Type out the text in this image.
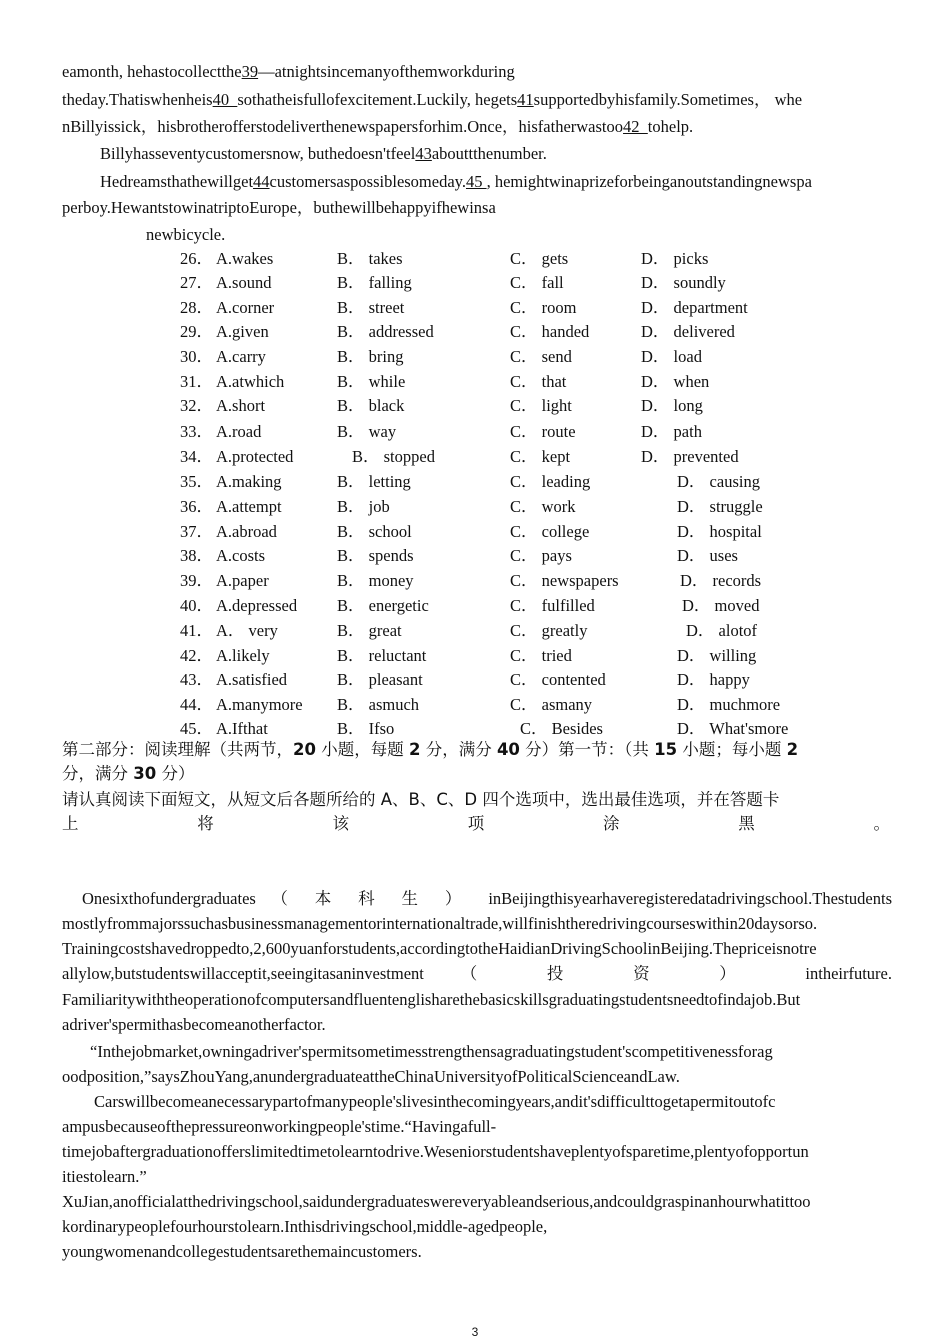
eamonth, hehastocollectthe39—atnightsincemanyofthemworkduring
theday.Thatiswhenheis40  sothatheisfullofexcitement.Luckily, hegets41supportedbyhisfamily.Sometimes， whe
nBillyissick，hisbrotherofferstodeliverthenewspapersforhim.Once，hisfatherwastoo42  tohelp.
Billyhasseventycustomersnow, buthedoesn'tfeel43abouttthenumber.
Hedreamsthathewillget44customersaspossiblesomeday.45 , hemightwinaprizeforbeinganoutstandingnewspa
perboy.HewantstowinatriptoEurope，buthewillbehappyifhewinsa
newbicycle.
26． A.wakes	B． takes	C． gets	D． picks
27． A.sound	B． falling	C． fall	D． soundly
28． A.corner	B． street	C． room	D． department
29． A.given	B． addressed	C． handed	D． delivered
30． A.carry	B． bring	C． send	D． load
31． A.atwhich	B． while	C． that	D． when
32． A.short	B． black	C． light	D． long
33． A.road	B． way	C． route	D． path
34． A.protected	B． stopped	C． kept	D． prevented
35． A.making	B． letting	C． leading	D． causing
36． A.attempt	B． job	C． work	D． struggle
37． A.abroad	B． school	C． college	D． hospital
38． A.costs	B． spends	C． pays	D． uses
39． A.paper	B． money	C． newspapers	D． records
40． A.depressed B． energetic	C． fulfilled	D． moved
41． A． very	B． great	C． greatly	D． alotof
42． A.likely	B． reluctant	C． tried	D． willing
43． A.satisfied	B． pleasant	C． contented	D． happy
44． A.manymore B． asmuch	C． asmany	D． muchmore
45． A.Ifthat	B． Ifso	C． Besides	D． What'smore
第二部分：阅读理解（共两节，20 小题，每题 2 分，满分 40 分）第一节：（共 15 小题；每小题 2
分，满分 30 分）
请认真阅读下面短文，从短文后各题所给的 A、B、C、D 四个选项中，选出最佳选项，并在答题卡
上	将	该	项	涂	黑	。
Onesixthofundergraduates （ 本 科 生 ） inBeijingthisyearhaveregisteredatadrivingschool.Thestudents
mostlyfrommajorssuchasbusinessmanagementorinternationaltrade,willfinishtheredrivingcourseswithin20daysorso.
Trainingcostshavedroppedto,2,600yuanforstudents,accordingtotheHaidianDrivingSchoolinBeijing.Thepriceisnotre
allylow,butstudentswillacceptit,seeingitasaninvestment （ 投 资 ） intheirfuture.
Familiaritywiththeoperationofcomputersandfluentenglisharethebasicskillsgraduatingstudentsneedtofindajob.But
adriver'spermithasbecomeanotherfactor.
“Inthejobmarket,owningadriver'spermitsometimesstrengthensagraduatingstudent'scompetitivenessforag
oodposition,”saysZhouYang,anundergraduateattheChinaUniversityofPoliticalScienceandLaw.
Carswillbecomeanecessarypartofmanypeople'slivesinthecomingyears,andit'sdifficulttogetapermitoutofc
ampusbecauseofthepressureonworkingpeople'stime.“Havingafull-
timejobaftergraduationofferslimitedtimetolearntodrive.Weseniorstudentshaveplentyofsparetime,plentyofopportun
itiestolearn.”
XuJian,anofficialatthedrivingschool,saidundergraduateswereveryableandserious,andcouldgraspinanhourwhatittoo
kordinarypeoplefourhourstolearn.Inthisdrivingschool,middle-agedpeople,
youngwomenandcollegestudentsarethemaincustomers.
3
